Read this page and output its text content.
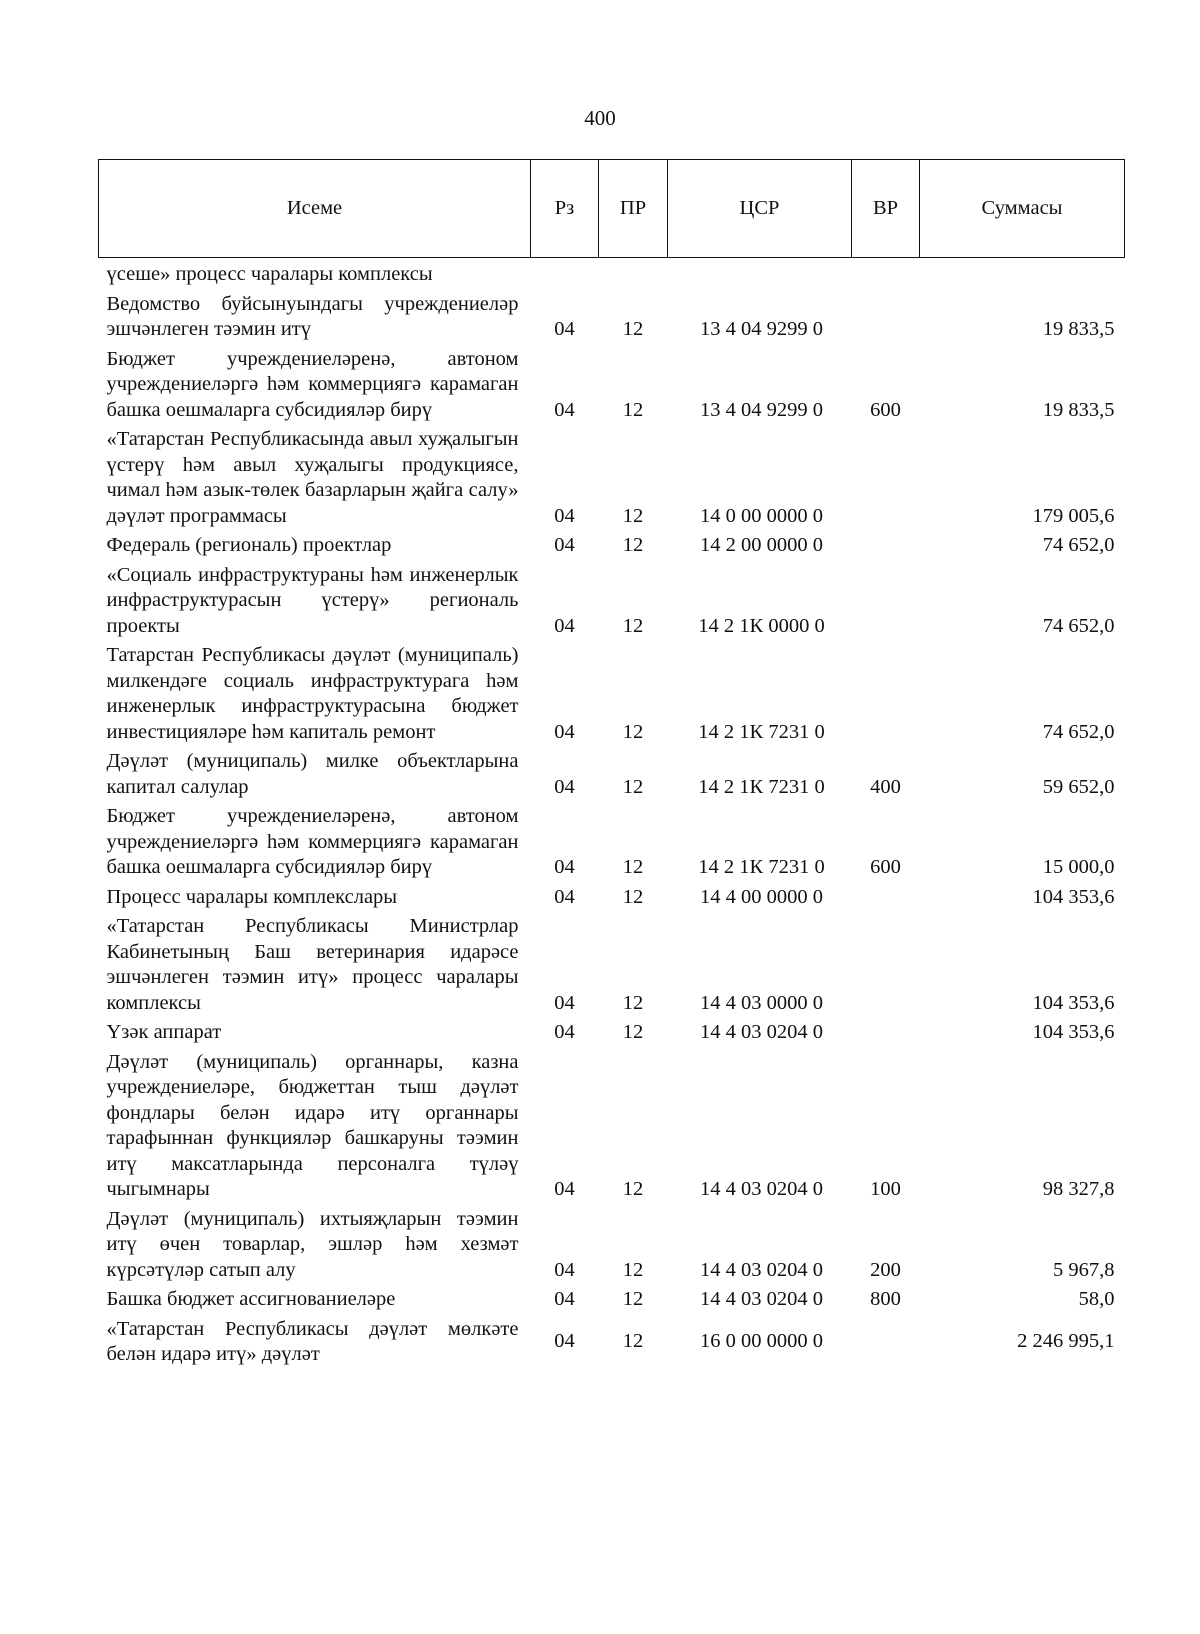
400
Исеме	Рз	ПР	ЦСР	ВР	Суммасы
үсеше» процесс чаралары комплексы					
Ведомство буйсынуындагы учреждениеләр эшчәнлеген тәэмин итү	04	12	13 4 04 9299 0		19 833,5
Бюджет учреждениеләренә, автоном учреждениеләргә һәм коммерциягә карамаган башка оешмаларга субсидияләр бирү	04	12	13 4 04 9299 0	600	19 833,5
«Татарстан Республикасында авыл хуҗалыгын үстерү һәм авыл хуҗалыгы продукциясе, чимал һәм азык-төлек базарларын җайга салу» дәүләт программасы	04	12	14 0 00 0000 0		179 005,6
Федераль (региональ) проектлар	04	12	14 2 00 0000 0		74 652,0
«Социаль инфраструктураны һәм инженерлык инфраструктурасын үстерү» региональ проекты	04	12	14 2 1К 0000 0		74 652,0
Татарстан Республикасы дәүләт (муниципаль) милкендәге социаль инфраструктурага һәм инженерлык инфраструктурасына бюджет инвестицияләре һәм капиталь ремонт	04	12	14 2 1К 7231 0		74 652,0
Дәүләт (муниципаль) милке объектларына капитал салулар	04	12	14 2 1К 7231 0	400	59 652,0
Бюджет учреждениеләренә, автоном учреждениеләргә һәм коммерциягә карамаган башка оешмаларга субсидияләр бирү	04	12	14 2 1К 7231 0	600	15 000,0
Процесс чаралары комплекслары	04	12	14 4 00 0000 0		104 353,6
«Татарстан Республикасы Министрлар Кабинетының Баш ветеринария идарәсе эшчәнлеген тәэмин итү» процесс чаралары комплексы	04	12	14 4 03 0000 0		104 353,6
Үзәк аппарат	04	12	14 4 03 0204 0		104 353,6
Дәүләт (муниципаль) органнары, казна учреждениеләре, бюджеттан тыш дәүләт фондлары белән идарә итү органнары тарафыннан функцияләр башкаруны тәэмин итү максатларында персоналга түләү чыгымнары	04	12	14 4 03 0204 0	100	98 327,8
Дәүләт (муниципаль) ихтыяҗларын тәэмин итү өчен товарлар, эшләр һәм хезмәт күрсәтүләр сатып алу	04	12	14 4 03 0204 0	200	5 967,8
Башка бюджет ассигнованиеләре	04	12	14 4 03 0204 0	800	58,0
«Татарстан Республикасы дәүләт мөлкәте белән идарә итү» дәүләт	04	12	16 0 00 0000 0		2 246 995,1
